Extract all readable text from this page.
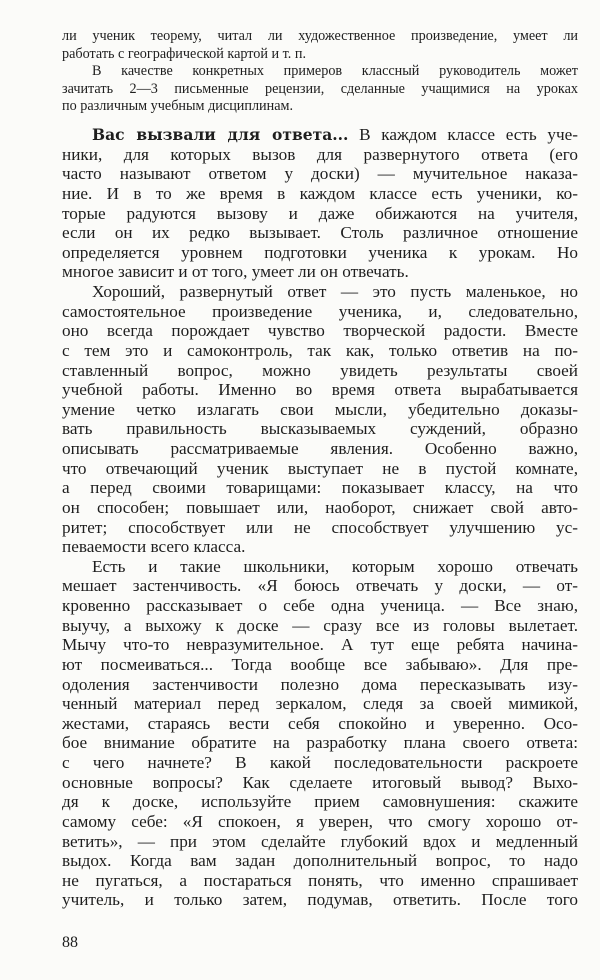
ли ученик теорему, читал ли художественное произведение, умеет ли
работать с географической картой и т. п.
В качестве конкретных примеров классный руководитель может
зачитать 2—3 письменные рецензии, сделанные учащимися на уроках
по различным учебным дисциплинам.
Вас вызвали для ответа... В каждом классе есть уче-
ники, для которых вызов для развернутого ответа (его
часто называют ответом у доски) — мучительное наказа-
ние. И в то же время в каждом классе есть ученики, ко-
торые радуются вызову и даже обижаются на учителя,
если он их редко вызывает. Столь различное отношение
определяется уровнем подготовки ученика к урокам. Но
многое зависит и от того, умеет ли он отвечать.
Хороший, развернутый ответ — это пусть маленькое, но
самостоятельное произведение ученика, и, следовательно,
оно всегда порождает чувство творческой радости. Вместе
с тем это и самоконтроль, так как, только ответив на по-
ставленный вопрос, можно увидеть результаты своей
учебной работы. Именно во время ответа вырабатывается
умение четко излагать свои мысли, убедительно доказы-
вать правильность высказываемых суждений, образно
описывать рассматриваемые явления. Особенно важно,
что отвечающий ученик выступает не в пустой комнате,
а перед своими товарищами: показывает классу, на что
он способен; повышает или, наоборот, снижает свой авто-
ритет; способствует или не способствует улучшению ус-
певаемости всего класса.
Есть и такие школьники, которым хорошо отвечать
мешает застенчивость. «Я боюсь отвечать у доски, — от-
кровенно рассказывает о себе одна ученица. — Все знаю,
выучу, а выхожу к доске — сразу все из головы вылетает.
Мычу что-то невразумительное. А тут еще ребята начина-
ют посмеиваться... Тогда вообще все забываю». Для пре-
одоления застенчивости полезно дома пересказывать изу-
ченный материал перед зеркалом, следя за своей мимикой,
жестами, стараясь вести себя спокойно и уверенно. Осо-
бое внимание обратите на разработку плана своего ответа:
с чего начнете? В какой последовательности раскроете
основные вопросы? Как сделаете итоговый вывод? Выхо-
дя к доске, используйте прием самовнушения: скажите
самому себе: «Я спокоен, я уверен, что смогу хорошо от-
ветить», — при этом сделайте глубокий вдох и медленный
выдох. Когда вам задан дополнительный вопрос, то надо
не пугаться, а постараться понять, что именно спрашивает
учитель, и только затем, подумав, ответить. После того
88
